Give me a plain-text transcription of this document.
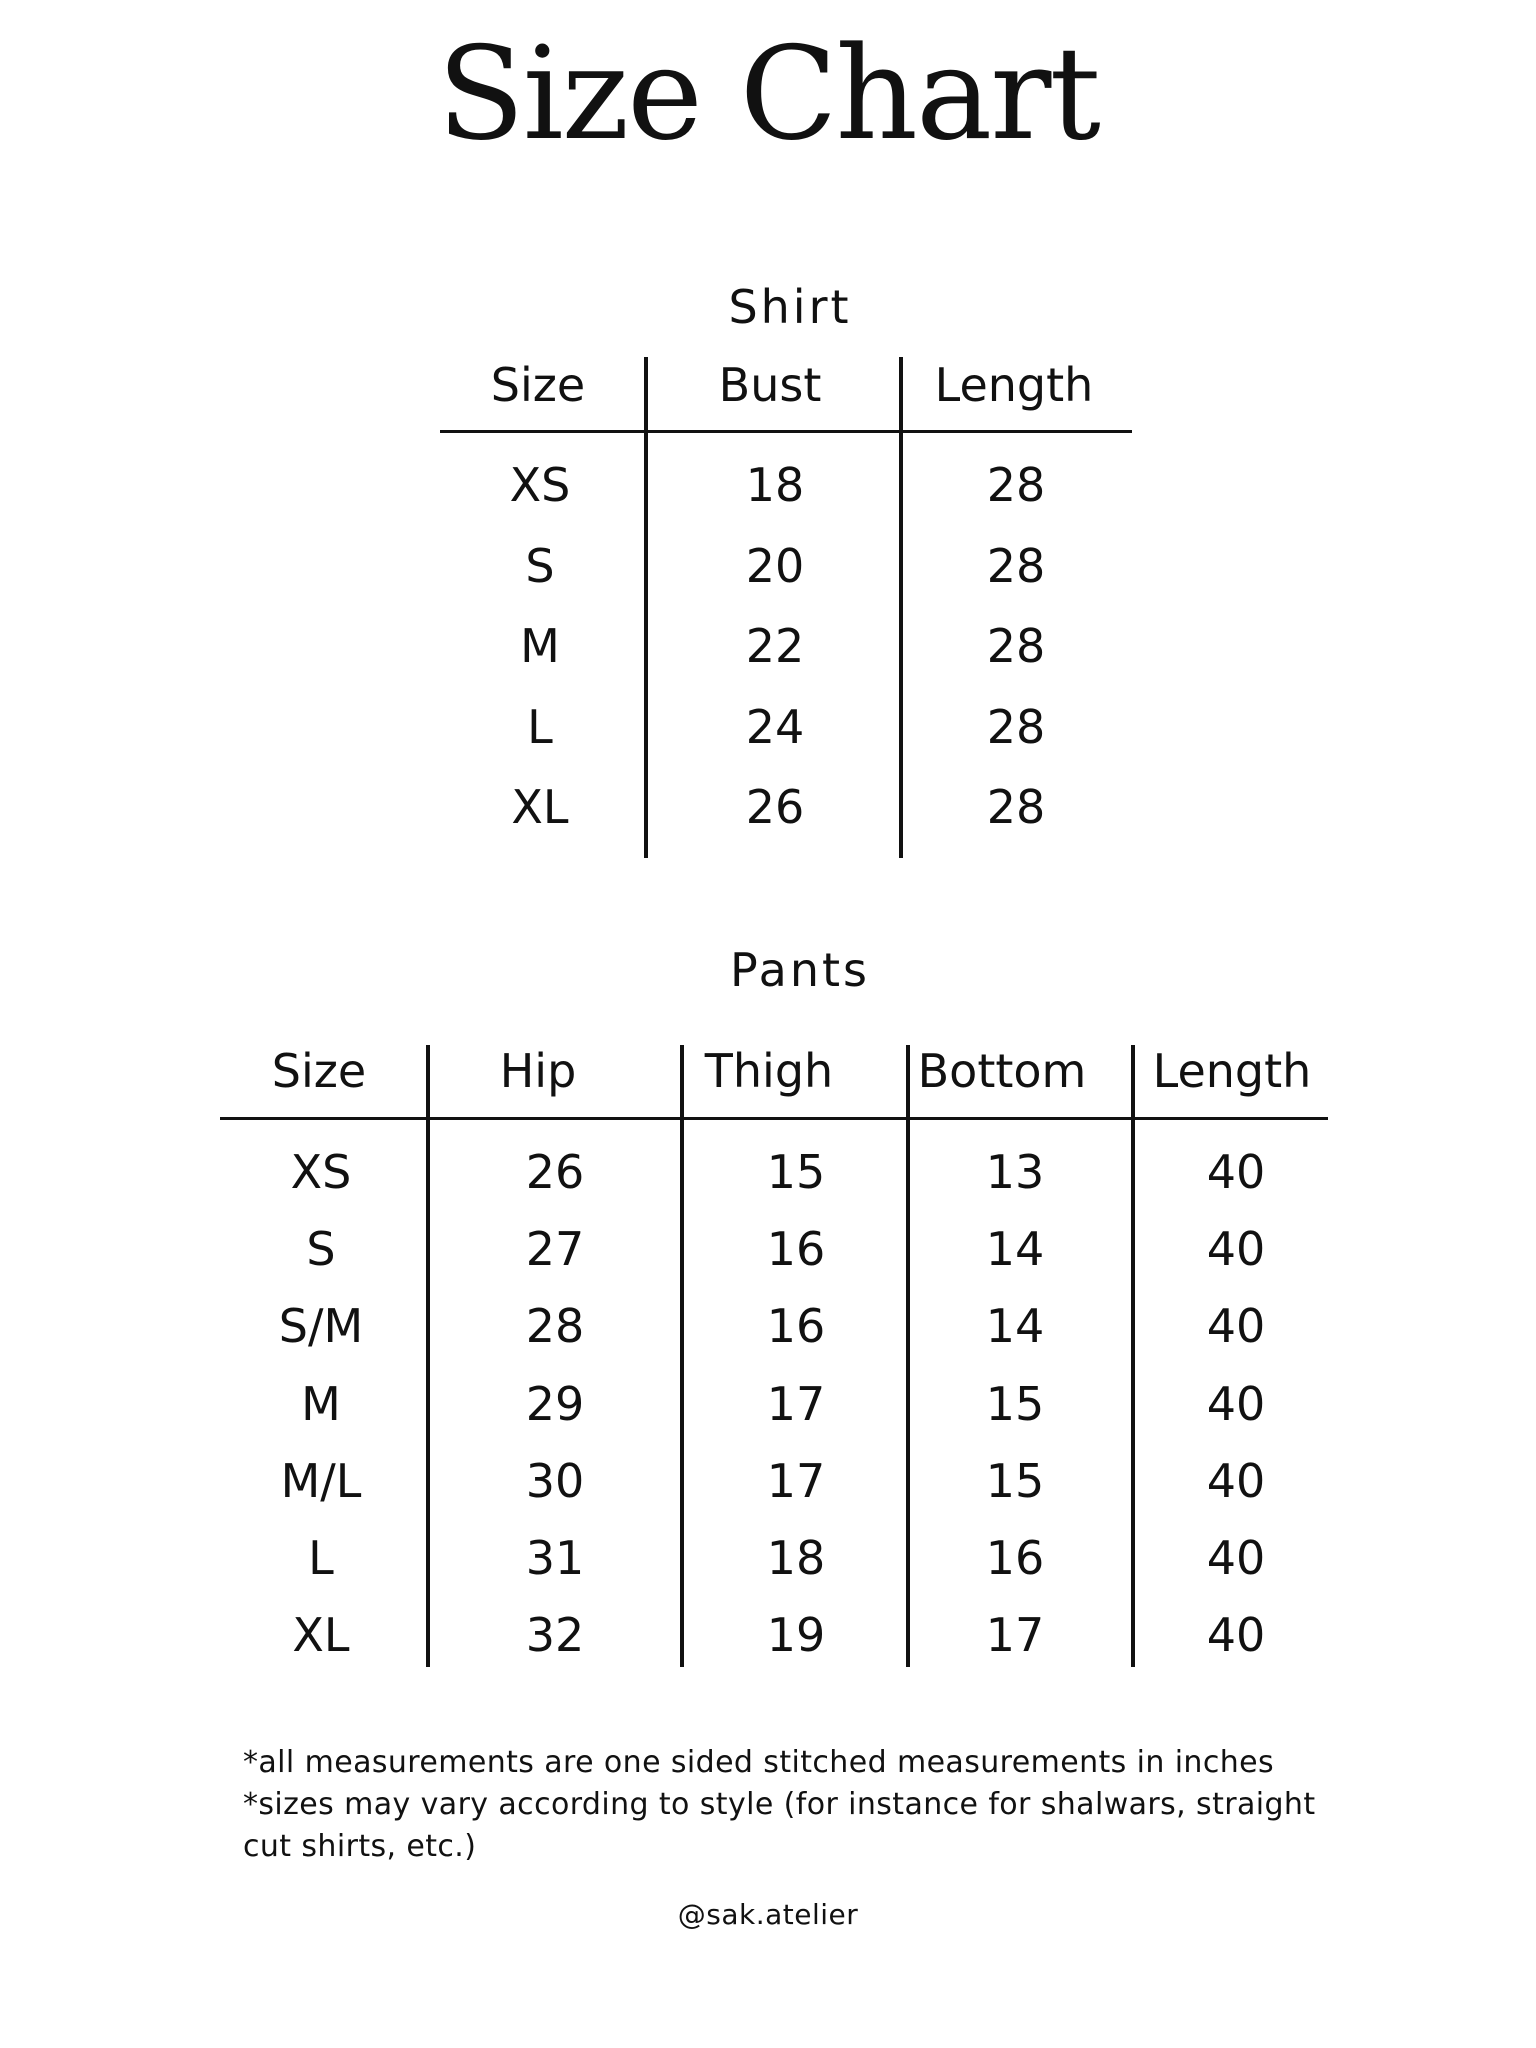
Size Chart
Shirt
Size	Bust	Length
XS	18	28
S	20	28
M	22	28
L	24	28
XL	26	28
Pants
Size	Hip	Thigh	Bottom	Length
XS	26	15	13	40
S	27	16	14	40
S/M	28	16	14	40
M	29	17	15	40
M/L	30	17	15	40
L	31	18	16	40
XL	32	19	17	40
*all measurements are one sided stitched measurements in inches
*sizes may vary according to style (for instance for shalwars, straight cut shirts, etc.)
@sak.atelier
